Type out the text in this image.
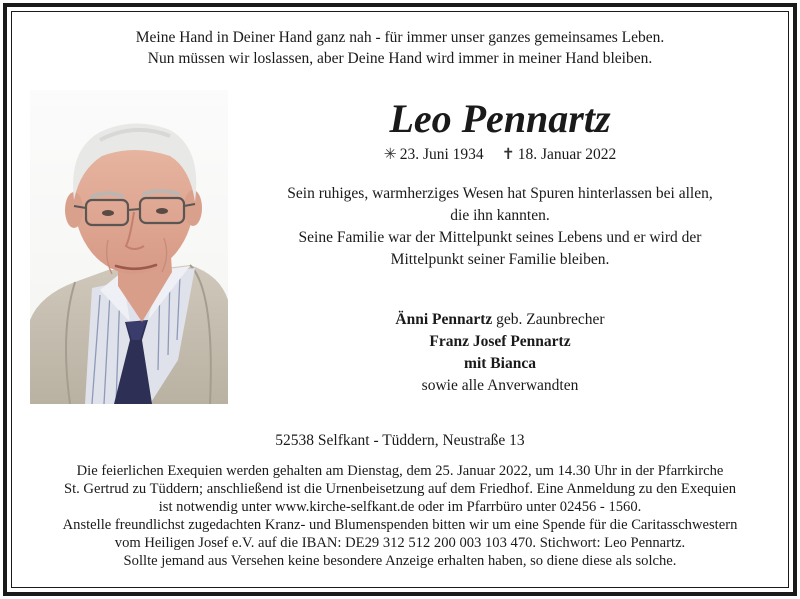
Meine Hand in Deiner Hand ganz nah - für immer unser ganzes gemeinsames Leben.
Nun müssen wir loslassen, aber Deine Hand wird immer in meiner Hand bleiben.
Leo Pennartz
✳ 23. Juni 1934 ✝ 18. Januar 2022
Sein ruhiges, warmherziges Wesen hat Spuren hinterlassen bei allen,
die ihn kannten.
Seine Familie war der Mittelpunkt seines Lebens und er wird der
Mittelpunkt seiner Familie bleiben.
Änni Pennartz geb. Zaunbrecher
Franz Josef Pennartz
mit Bianca
sowie alle Anverwandten
52538 Selfkant - Tüddern, Neustraße 13
Die feierlichen Exequien werden gehalten am Dienstag, dem 25. Januar 2022, um 14.30 Uhr in der Pfarrkirche
St. Gertrud zu Tüddern; anschließend ist die Urnenbeisetzung auf dem Friedhof. Eine Anmeldung zu den Exequien
ist notwendig unter www.kirche-selfkant.de oder im Pfarrbüro unter 02456 - 1560.
Anstelle freundlichst zugedachten Kranz- und Blumenspenden bitten wir um eine Spende für die Caritasschwestern
vom Heiligen Josef e.V. auf die IBAN: DE29 312 512 200 003 103 470. Stichwort: Leo Pennartz.
Sollte jemand aus Versehen keine besondere Anzeige erhalten haben, so diene diese als solche.
